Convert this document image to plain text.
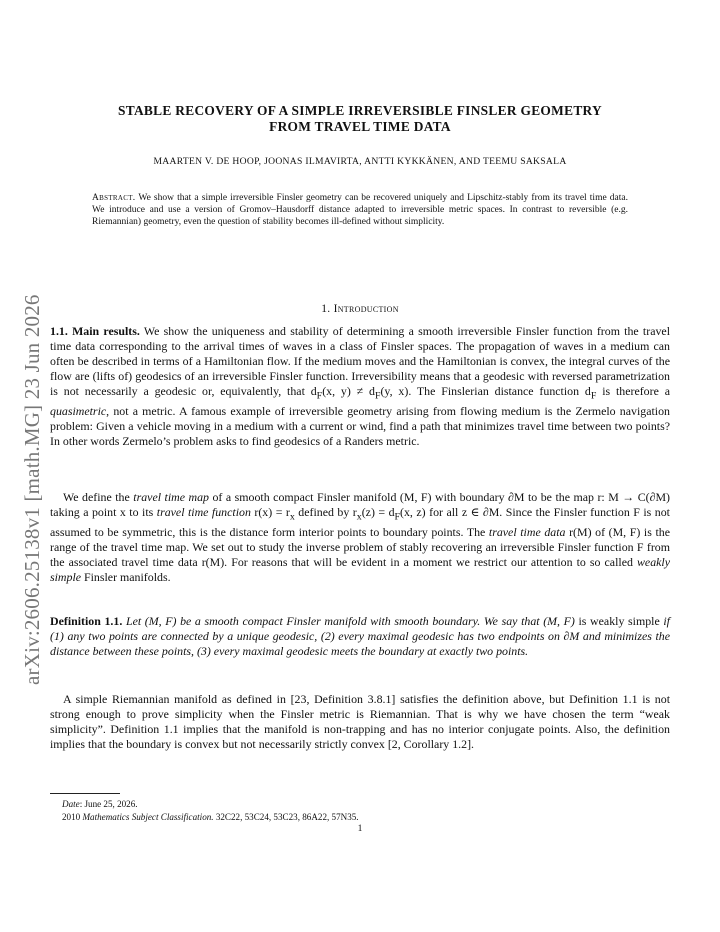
arXiv:2606.25138v1 [math.MG] 23 Jun 2026
STABLE RECOVERY OF A SIMPLE IRREVERSIBLE FINSLER GEOMETRY
FROM TRAVEL TIME DATA
MAARTEN V. DE HOOP, JOONAS ILMAVIRTA, ANTTI KYKKÄNEN, AND TEEMU SAKSALA
Abstract. We show that a simple irreversible Finsler geometry can be recovered uniquely and Lipschitz-stably from its travel time data. We introduce and use a version of Gromov–Hausdorff distance adapted to irreversible metric spaces. In contrast to reversible (e.g. Riemannian) geometry, even the question of stability becomes ill-defined without simplicity.
1. Introduction

1.1. Main results. We show the uniqueness and stability of determining a smooth irreversible Finsler function from the travel time data corresponding to the arrival times of waves in a class of Finsler spaces. The propagation of waves in a medium can often be described in terms of a Hamiltonian flow. If the medium moves and the Hamiltonian is convex, the integral curves of the flow are (lifts of) geodesics of an irreversible Finsler function. Irreversibility means that a geodesic with reversed parametrization is not necessarily a geodesic or, equivalently, that $d_F(x$, $y) \ne d_F(y$, x). The Finslerian distance function $d_F$ is therefore a quasimetric, not a metric. A famous example of irreversible geometry arising from flowing medium is the Zermelo navigation problem: Given a vehicle moving in a medium with a current or wind, find a path that minimizes travel time between two points? In other words Zermelo’s problem asks to find geodesics of a Randers metric.

We define the travel time map of a smooth compact Finsler manifold (M, F) with boundary ∂M to be the map r: M → C(∂M) taking a point x to its travel time function $r(x) = r_x$ defined by $r_x(z) = d_F(x$, z) for all z ∈ ∂M. Since the Finsler function F is not assumed to be symmetric, this is the distance form interior points to boundary points. The travel time data r(M) of (M, F) is the range of the travel time map. We set out to study the inverse problem of stably recovering an irreversible Finsler function F from the associated travel time data r(M). For reasons that will be evident in a moment we restrict our attention to so called weakly simple Finsler manifolds.

Definition 1.1. Let (M, F) be a smooth compact Finsler manifold with smooth boundary. We say that (M, F) is weakly simple if (1) any two points are connected by a unique geodesic, (2) every maximal geodesic has two endpoints on ∂M and minimizes the distance between these points, (3) every maximal geodesic meets the boundary at exactly two points.

A simple Riemannian manifold as defined in [23, Definition 3.8.1] satisfies the definition above, but Definition 1.1 is not strong enough to prove simplicity when the Finsler metric is Riemannian. That is why we have chosen the term “weak simplicity”. Definition 1.1 implies that the manifold is non-trapping and has no interior conjugate points. Also, the definition implies that the boundary is convex but not necessarily strictly convex [2, Corollary 1.2].

Date: June 25, 2026.
2010 Mathematics Subject Classification. 32C22, 53C24, 53C23, 86A22, 57N35.
1
